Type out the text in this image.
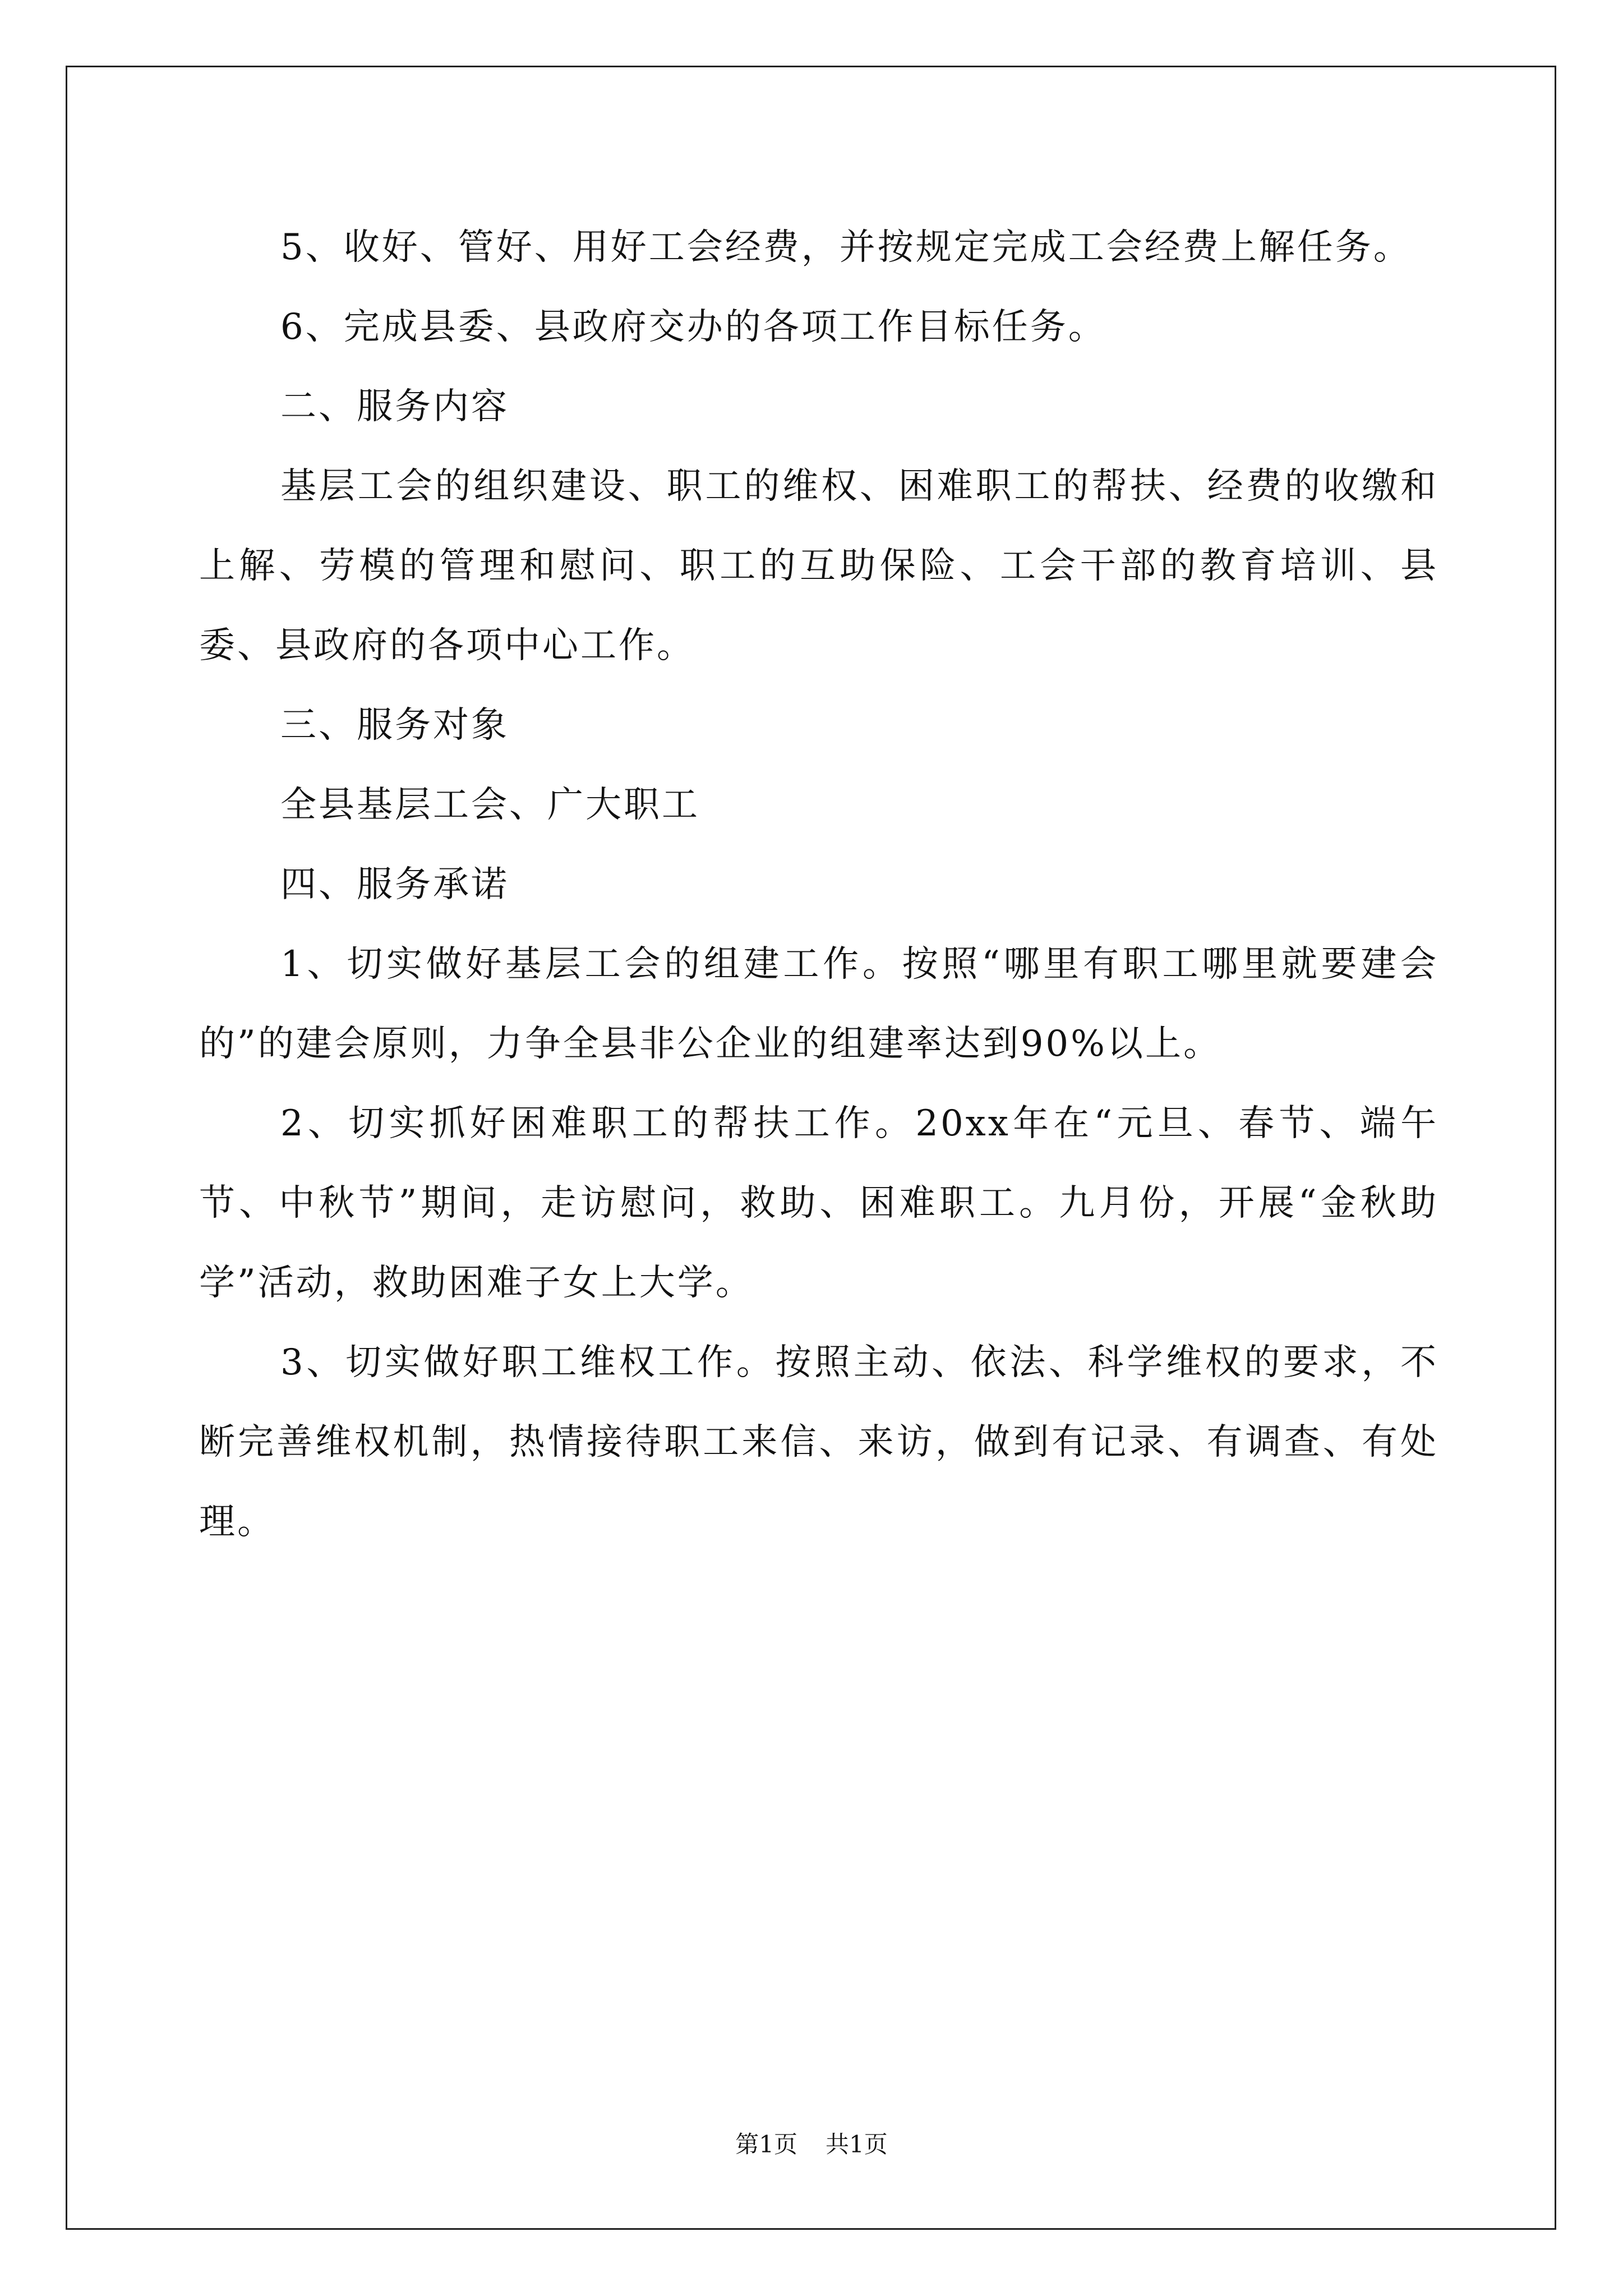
5、收好、管好、用好工会经费，并按规定完成工会经费上解任务。

6、完成县委、县政府交办的各项工作目标任务。

二、服务内容

基层工会的组织建设、职工的维权、困难职工的帮扶、经费的收缴和上解、劳模的管理和慰问、职工的互助保险、工会干部的教育培训、县委、县政府的各项中心工作。

三、服务对象

全县基层工会、广大职工

四、服务承诺

1、切实做好基层工会的组建工作。按照“哪里有职工哪里就要建会的”的建会原则，力争全县非公企业的组建率达到90%以上。

2、切实抓好困难职工的帮扶工作。20xx年在“元旦、春节、端午节、中秋节”期间，走访慰问，救助、困难职工。九月份，开展“金秋助学”活动，救助困难子女上大学。

3、切实做好职工维权工作。按照主动、依法、科学维权的要求，不断完善维权机制，热情接待职工来信、来访，做到有记录、有调查、有处理。

第1页 共1页
